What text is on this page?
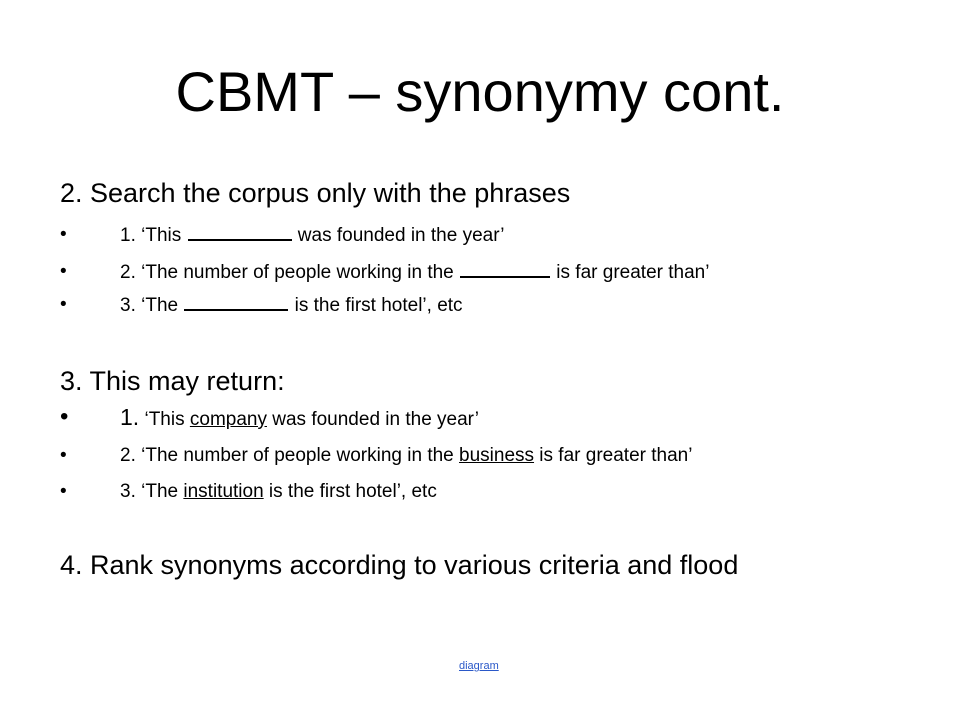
CBMT – synonymy cont.
2. Search the corpus only with the phrases
•	1. ‘This	was founded in the year’
•	2. ‘The number of people working in the	is far greater than’
•	3. ‘The	is the first hotel’, etc
3. This may return:
• 1. ‘This company was founded in the year’
•	2. ‘The number of people working in the business is far greater than’
•	3. ‘The institution is the first hotel’, etc
4. Rank synonyms according to various criteria and flood
diagram
